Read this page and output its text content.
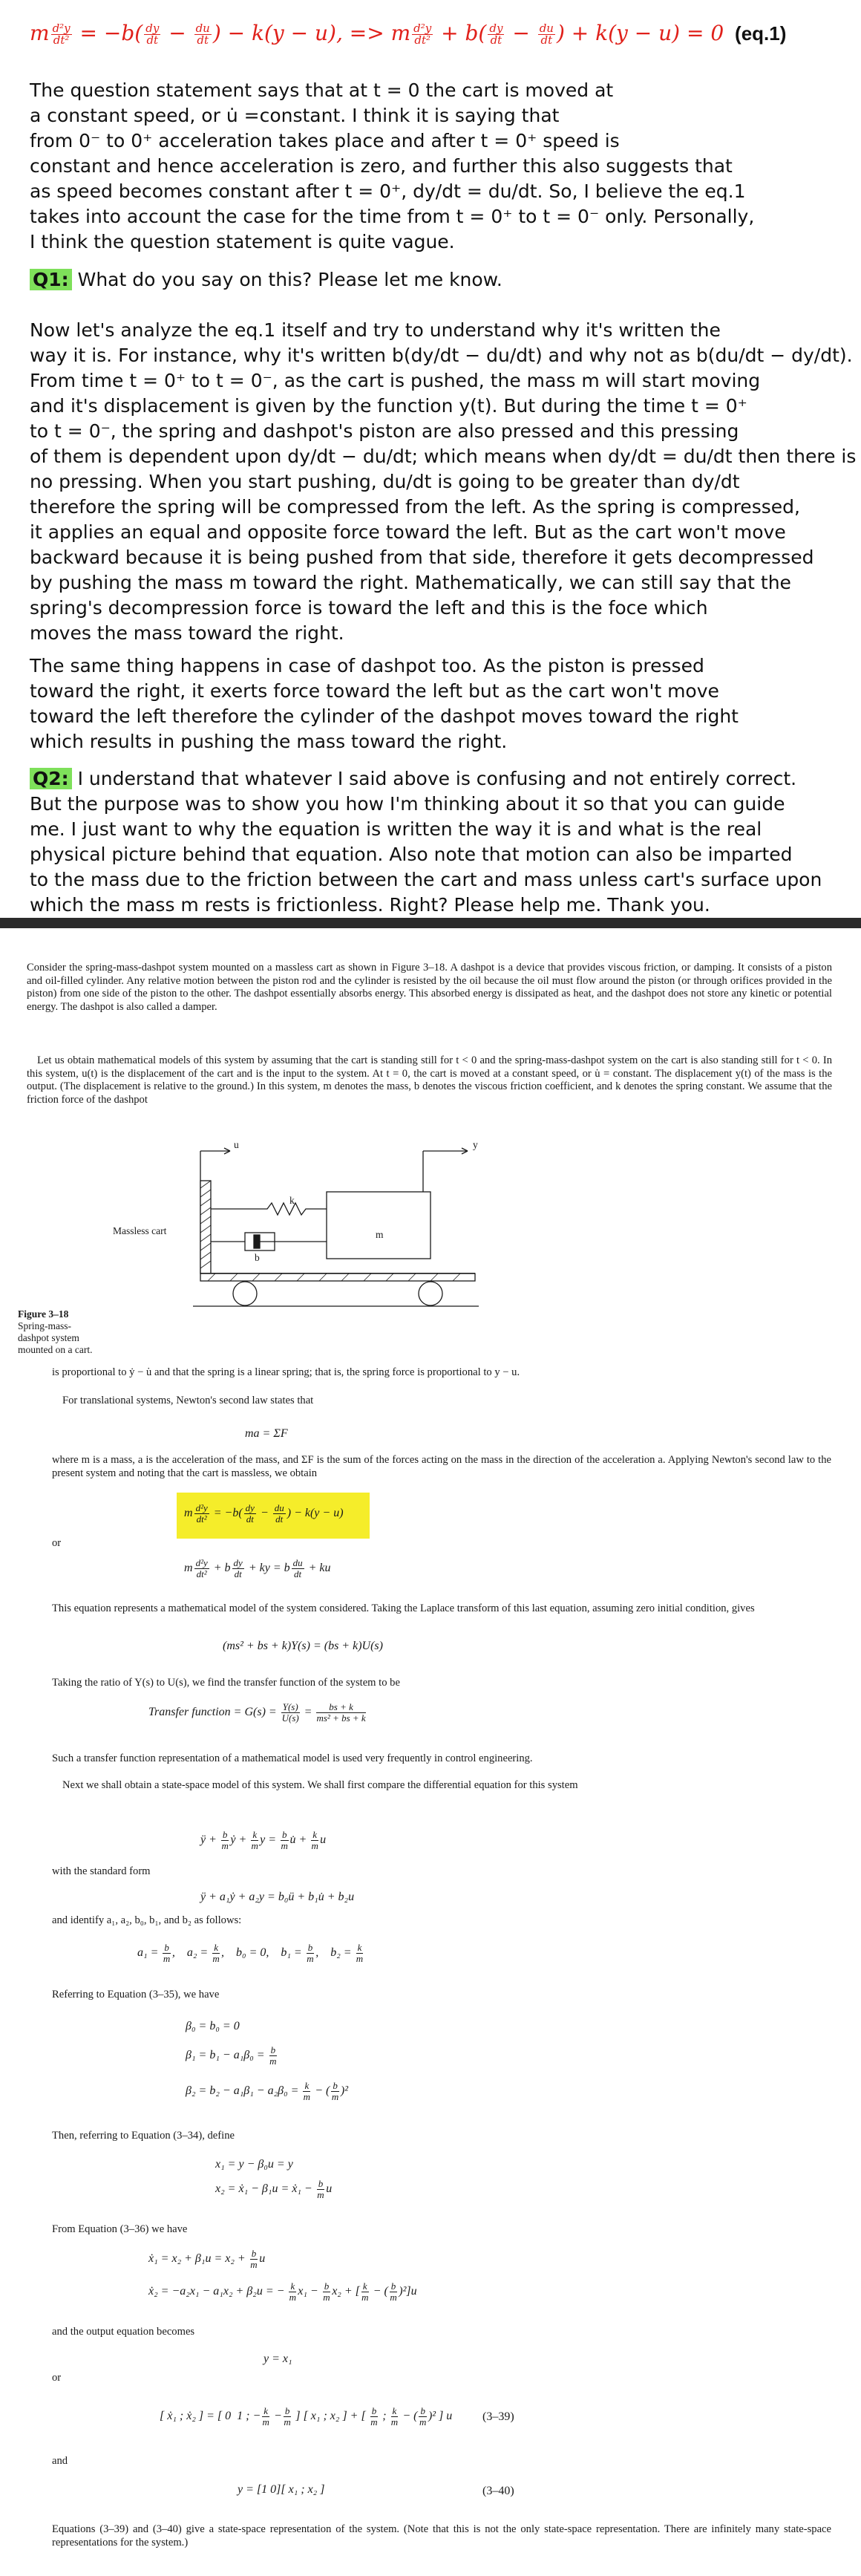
m $\frac{\text{d²y}}{\text{dt²}} = -b( \frac{dy}{dt} - \frac{du}{dt}$ ) − k(y − u), => m $\frac{\text{d²y}}{\text{dt²}} + b( \frac{dy}{dt} - \frac{du}{dt}$ ) + k(y − u) = 0 (eq.1)
The question statement says that at t = 0 the cart is moved at
a constant speed, or u̇ =constant. I think it is saying that
from 0⁻ to 0⁺ acceleration takes place and after t = 0⁺ speed is
constant and hence acceleration is zero, and further this also suggests that
as speed becomes constant after t = 0⁺, dy/dt = du/dt. So, I believe the eq.1
takes into account the case for the time from t = 0⁺ to t = 0⁻ only. Personally,
I think the question statement is quite vague.
Q1: What do you say on this? Please let me know.
Now let's analyze the eq.1 itself and try to understand why it's written the
way it is. For instance, why it's written b(dy/dt − du/dt) and why not as b(du/dt − dy/dt).
From time t = 0⁺ to t = 0⁻, as the cart is pushed, the mass m will start moving
and it's displacement is given by the function y(t). But during the time t = 0⁺
to t = 0⁻, the spring and dashpot's piston are also pressed and this pressing
of them is dependent upon dy/dt − du/dt; which means when dy/dt = du/dt then there is
no pressing. When you start pushing, du/dt is going to be greater than dy/dt
therefore the spring will be compressed from the left. As the spring is compressed,
it applies an equal and opposite force toward the left. But as the cart won't move
backward because it is being pushed from that side, therefore it gets decompressed
by pushing the mass m toward the right. Mathematically, we can still say that the
spring's decompression force is toward the left and this is the foce which
moves the mass toward the right.
The same thing happens in case of dashpot too. As the piston is pressed
toward the right, it exerts force toward the left but as the cart won't move
toward the left therefore the cylinder of the dashpot moves toward the right
which results in pushing the mass toward the right.
Q2: I understand that whatever I said above is confusing and not entirely correct.
But the purpose was to show you how I'm thinking about it so that you can guide
me. I just want to why the equation is written the way it is and what is the real
physical picture behind that equation. Also note that motion can also be imparted
to the mass due to the friction between the cart and mass unless cart's surface upon
which the mass m rests is frictionless. Right? Please help me. Thank you.
Consider the spring-mass-dashpot system mounted on a massless cart as shown in Figure 3–18. A dashpot is a device that provides viscous friction, or damping. It consists of a piston and oil-filled cylinder. Any relative motion between the piston rod and the cylinder is resisted by the oil because the oil must flow around the piston (or through orifices provided in the piston) from one side of the piston to the other. The dashpot essentially absorbs energy. This absorbed energy is dissipated as heat, and the dashpot does not store any kinetic or potential energy. The dashpot is also called a damper.
Let us obtain mathematical models of this system by assuming that the cart is standing still for t < 0 and the spring-mass-dashpot system on the cart is also standing still for t < 0. In this system, u(t) is the displacement of the cart and is the input to the system. At t = 0, the cart is moved at a constant speed, or u̇ = constant. The displacement y(t) of the mass is the output. (The displacement is relative to the ground.) In this system, m denotes the mass, b denotes the viscous friction coefficient, and k denotes the spring constant. We assume that the friction force of the dashpot
u	y
k
b
m
Massless cart
Figure 3–18
Spring-mass-
dashpot system
mounted on a cart.
is proportional to ẏ − u̇ and that the spring is a linear spring; that is, the spring force is proportional to y − u.
For translational systems, Newton's second law states that
ma = ΣF
where m is a mass, a is the acceleration of the mass, and ΣF is the sum of the forces acting on the mass in the direction of the acceleration a. Applying Newton's second law to the present system and noting that the cart is massless, we obtain
m $\frac{\text{d²y}}{\text{dt²}} = -b( \frac{dy}{dt} - \frac{du}{dt}$ ) − k(y − u)
or
m $\frac{\text{d²y}}{\text{dt²}} + b \frac{dy}{dt}$ + ky = b $\frac{du}{dt}$ + ku
This equation represents a mathematical model of the system considered. Taking the Laplace transform of this last equation, assuming zero initial condition, gives
(ms² + bs + k)Y(s) = (bs + k)U(s)
Taking the ratio of Y(s) to U(s), we find the transfer function of the system to be
Transfer function = $G(s) = \frac{Y(s)}{U(s)} = \frac{bs + k}{\text{ms² + bs + k}}$
Such a transfer function representation of a mathematical model is used very frequently in control engineering.
Next we shall obtain a state-space model of this system. We shall first compare the differential equation for this system
ÿ + $\frac{b}{m}$ ẏ + $\frac{k}{m}$ $y = \frac{b}{m}$ u̇ + $\frac{k}{m}$ u
with the standard form
ÿ + a₁ẏ + a₂y = b₀ü + b₁u̇ + b₂u
and identify a₁, a₂, b₀, b₁, and b₂ as follows:
$a_1 = \frac{b}{m}$ ,    $a_2 = \frac{k}{m}$ ,    b₀ = 0,    $b_1 = \frac{b}{m}$ ,    $b_2 = \frac{k}{m}$
Referring to Equation (3–35), we have
β₀ = b₀ = 0
$\beta_1 = b_1 - a_1\beta_0 = \frac{b}{m}$
$\beta_2 = b_2 - a_1\beta_1 - a_2\beta_0 = \frac{k}{m}$ − ( $\frac{b}{m} )^2$
Then, referring to Equation (3–34), define
x₁ = y − β₀u = y
x₂ = ẋ₁ − β₁u = ẋ₁ − $\frac{b}{m}$ u
From Equation (3–36) we have
ẋ₁ = $x_2 + \beta_1u = x_2 + \frac{b}{m}$ u
ẋ₂ = −a₂x₁ − a₁x₂ + β₂u = − $\frac{k}{m} x_1 - \frac{b}{m} x_2$ + [ $\frac{k}{m}$ − ( $\frac{b}{m} )^2]u$
and the output equation becomes
y = x₁
or
[ ẋ₁ ; ẋ₂ ] = [ 0  1 ; − $\frac{k}{m} - \frac{b}{m}$ ] [ x₁ ; x₂ ] + [ $\frac{b}{m}$ ; $\frac{k}{m}$ − ( $\frac{b}{m} )^2$ ] u	(3–39)
and
y = [1 0][ x₁ ; x₂ ]	(3–40)
Equations (3–39) and (3–40) give a state-space representation of the system. (Note that this is not the only state-space representation. There are infinitely many state-space representations for the system.)
